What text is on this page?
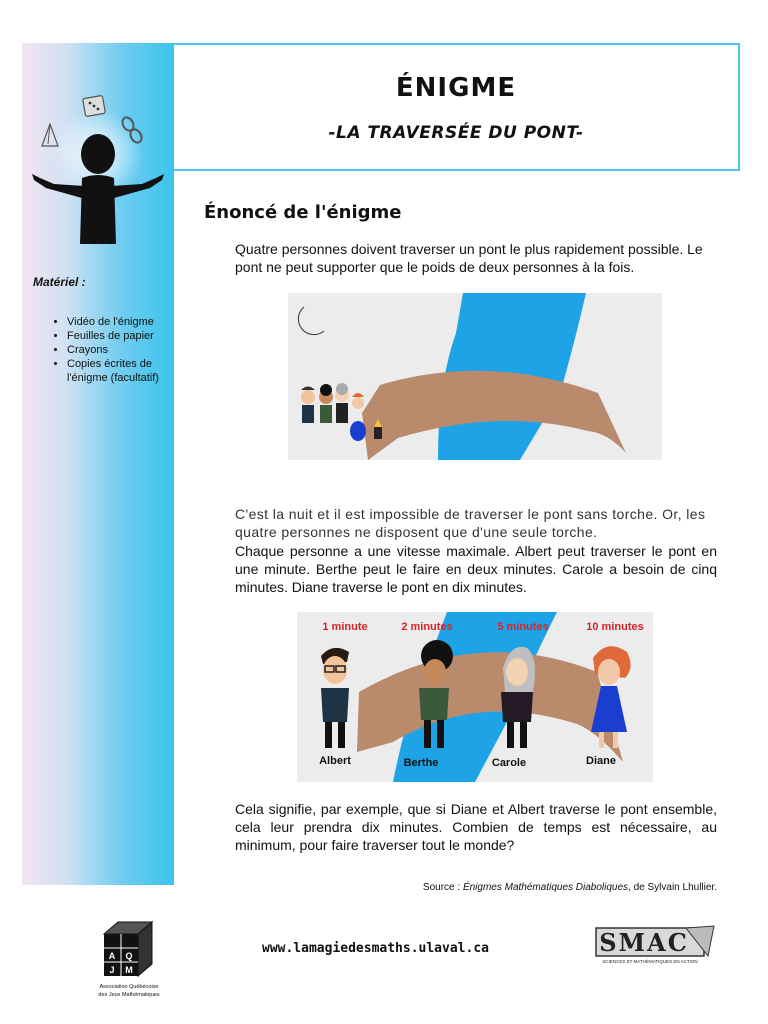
ÉNIGME
-LA TRAVERSÉE DU PONT-
Matériel :
• Vidéo de l'énigme
• Feuilles de papier
• Crayons
• Copies écrites de l'énigme (facultatif)
Énoncé de l'énigme

Quatre personnes doivent traverser un pont le plus rapidement possible. Le pont ne peut supporter que le poids de deux personnes à la fois.

C'est la nuit et il est impossible de traverser le pont sans torche. Or, les quatre personnes ne disposent que d'une seule torche.

Chaque personne a une vitesse maximale. Albert peut traverser le pont en une minute. Berthe peut le faire en deux minutes. Carole a besoin de cinq minutes. Diane traverse le pont en dix minutes.

1 minute	2 minutes	5 minutes	10 minutes
Albert	Berthe	Carole	Diane

Cela signifie, par exemple, que si Diane et Albert traverse le pont ensemble, cela leur prendra dix minutes. Combien de temps est nécessaire, au minimum, pour faire traverser tout le monde?

Source : Énigmes Mathématiques Diaboliques, de Sylvain Lhullier.
A Q
J M
Association Québécoise
des Jeux Mathématiques
www.lamagiedesmaths.ulaval.ca	SMAC
SCIENCES ET MATHÉMATIQUES EN ACTION
